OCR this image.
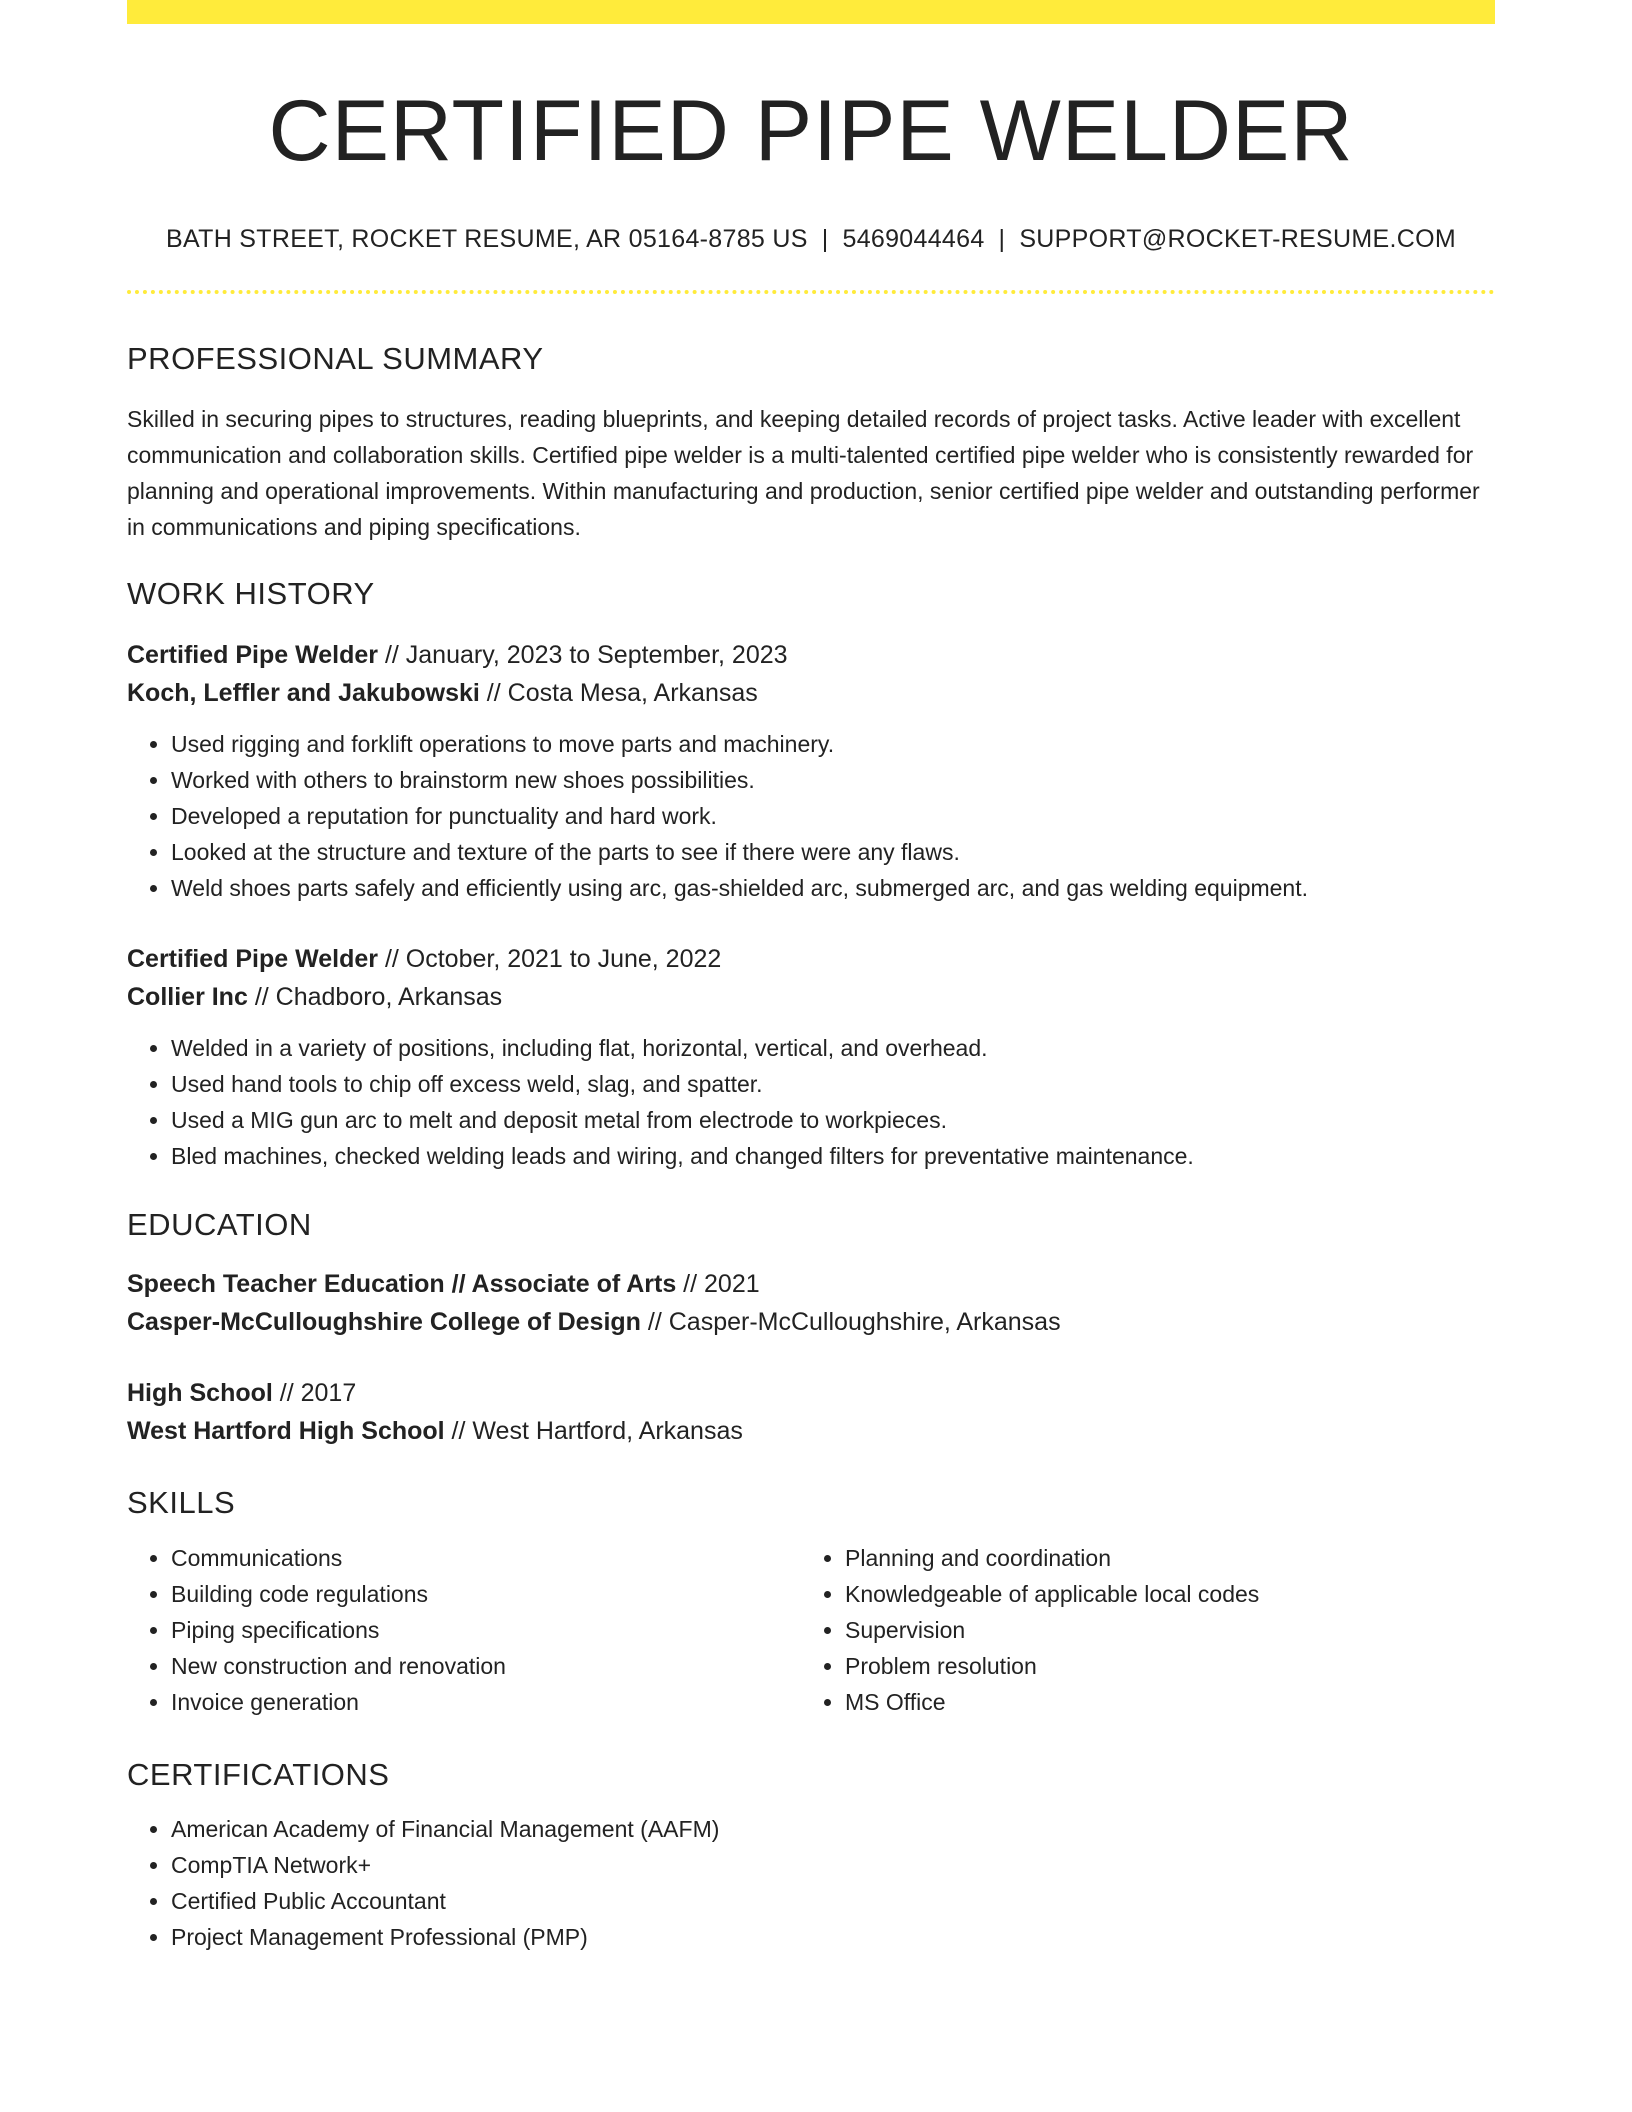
CERTIFIED PIPE WELDER
BATH STREET, ROCKET RESUME, AR 05164-8785 US | 5469044464 | SUPPORT@ROCKET-RESUME.COM
PROFESSIONAL SUMMARY

Skilled in securing pipes to structures, reading blueprints, and keeping detailed records of project tasks. Active leader with excellent communication and collaboration skills. Certified pipe welder is a multi-talented certified pipe welder who is consistently rewarded for planning and operational improvements. Within manufacturing and production, senior certified pipe welder and outstanding performer in communications and piping specifications.

WORK HISTORY
Certified Pipe Welder // January, 2023 to September, 2023
Koch, Leffler and Jakubowski // Costa Mesa, Arkansas
• Used rigging and forklift operations to move parts and machinery.
• Worked with others to brainstorm new shoes possibilities.
• Developed a reputation for punctuality and hard work.
• Looked at the structure and texture of the parts to see if there were any flaws.
• Weld shoes parts safely and efficiently using arc, gas-shielded arc, submerged arc, and gas welding equipment.
Certified Pipe Welder // October, 2021 to June, 2022
Collier Inc // Chadboro, Arkansas
• Welded in a variety of positions, including flat, horizontal, vertical, and overhead.
• Used hand tools to chip off excess weld, slag, and spatter.
• Used a MIG gun arc to melt and deposit metal from electrode to workpieces.
• Bled machines, checked welding leads and wiring, and changed filters for preventative maintenance.
EDUCATION
Speech Teacher Education // Associate of Arts // 2021
Casper-McCulloughshire College of Design // Casper-McCulloughshire, Arkansas
High School // 2017
West Hartford High School // West Hartford, Arkansas
SKILLS
• Communications
• Building code regulations
• Piping specifications
• New construction and renovation
• Invoice generation
• Planning and coordination
• Knowledgeable of applicable local codes
• Supervision
• Problem resolution
• MS Office
CERTIFICATIONS
• American Academy of Financial Management (AAFM)
• CompTIA Network+
• Certified Public Accountant
• Project Management Professional (PMP)
